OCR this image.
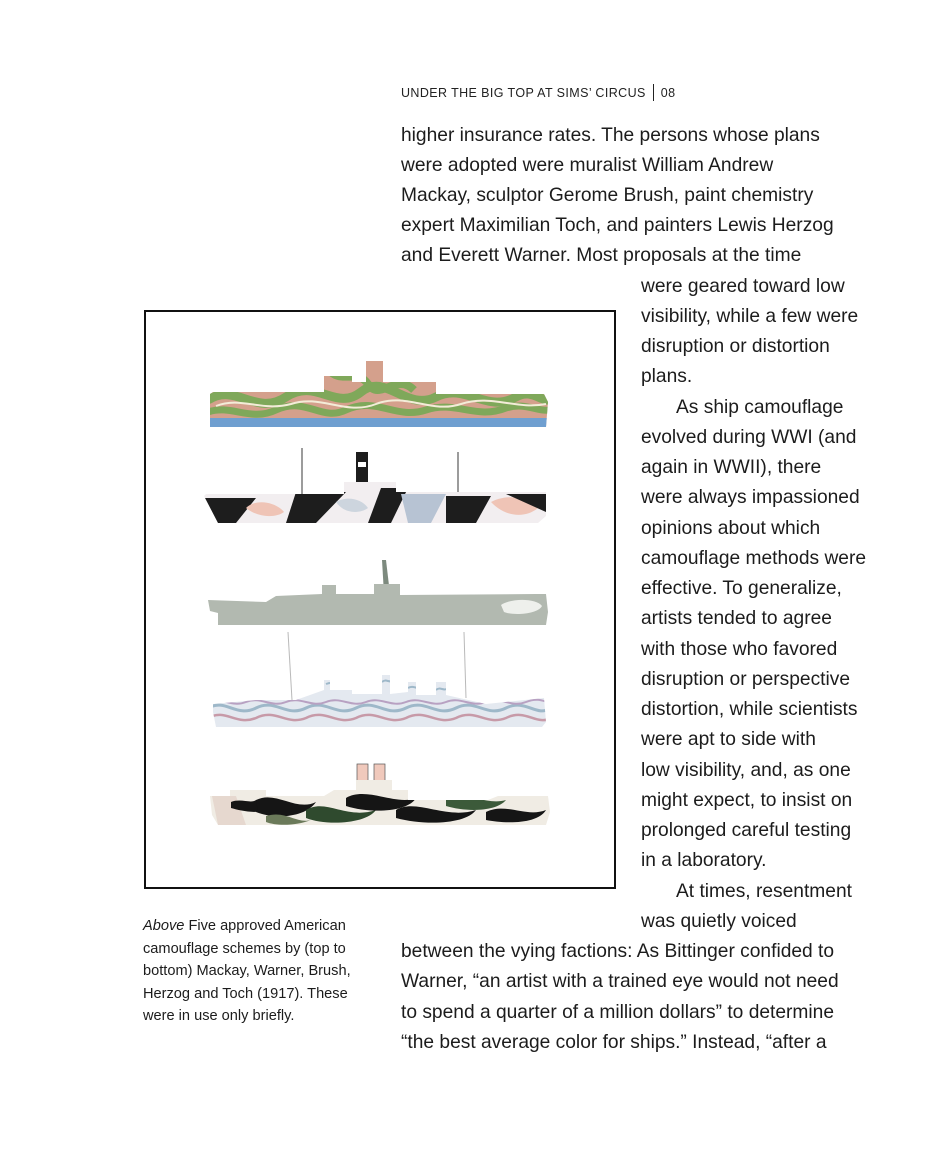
UNDER THE BIG TOP AT SIMS’ CIRCUS 08
higher insurance rates. The persons whose plans
were adopted were muralist William Andrew
Mackay, sculptor Gerome Brush, paint chemistry
expert Maximilian Toch, and painters Lewis Herzog
and Everett Warner. Most proposals at the time
were geared toward low
visibility, while a few were
disruption or distortion
plans.
As ship camouflage
evolved during WWI (and
again in WWII), there
were always impassioned
opinions about which
camouflage methods were
effective. To generalize,
artists tended to agree
with those who favored
disruption or perspective
distortion, while scientists
were apt to side with
low visibility, and, as one
might expect, to insist on
prolonged careful testing
in a laboratory.
At times, resentment
was quietly voiced
between the vying factions: As Bittinger confided to
Warner, “an artist with a trained eye would not need
to spend a quarter of a million dollars” to determine
“the best average color for ships.” Instead, “after a
Above Five approved American camouflage schemes by (top to bottom) Mackay, Warner, Brush, Herzog and Toch (1917). These were in use only briefly.
